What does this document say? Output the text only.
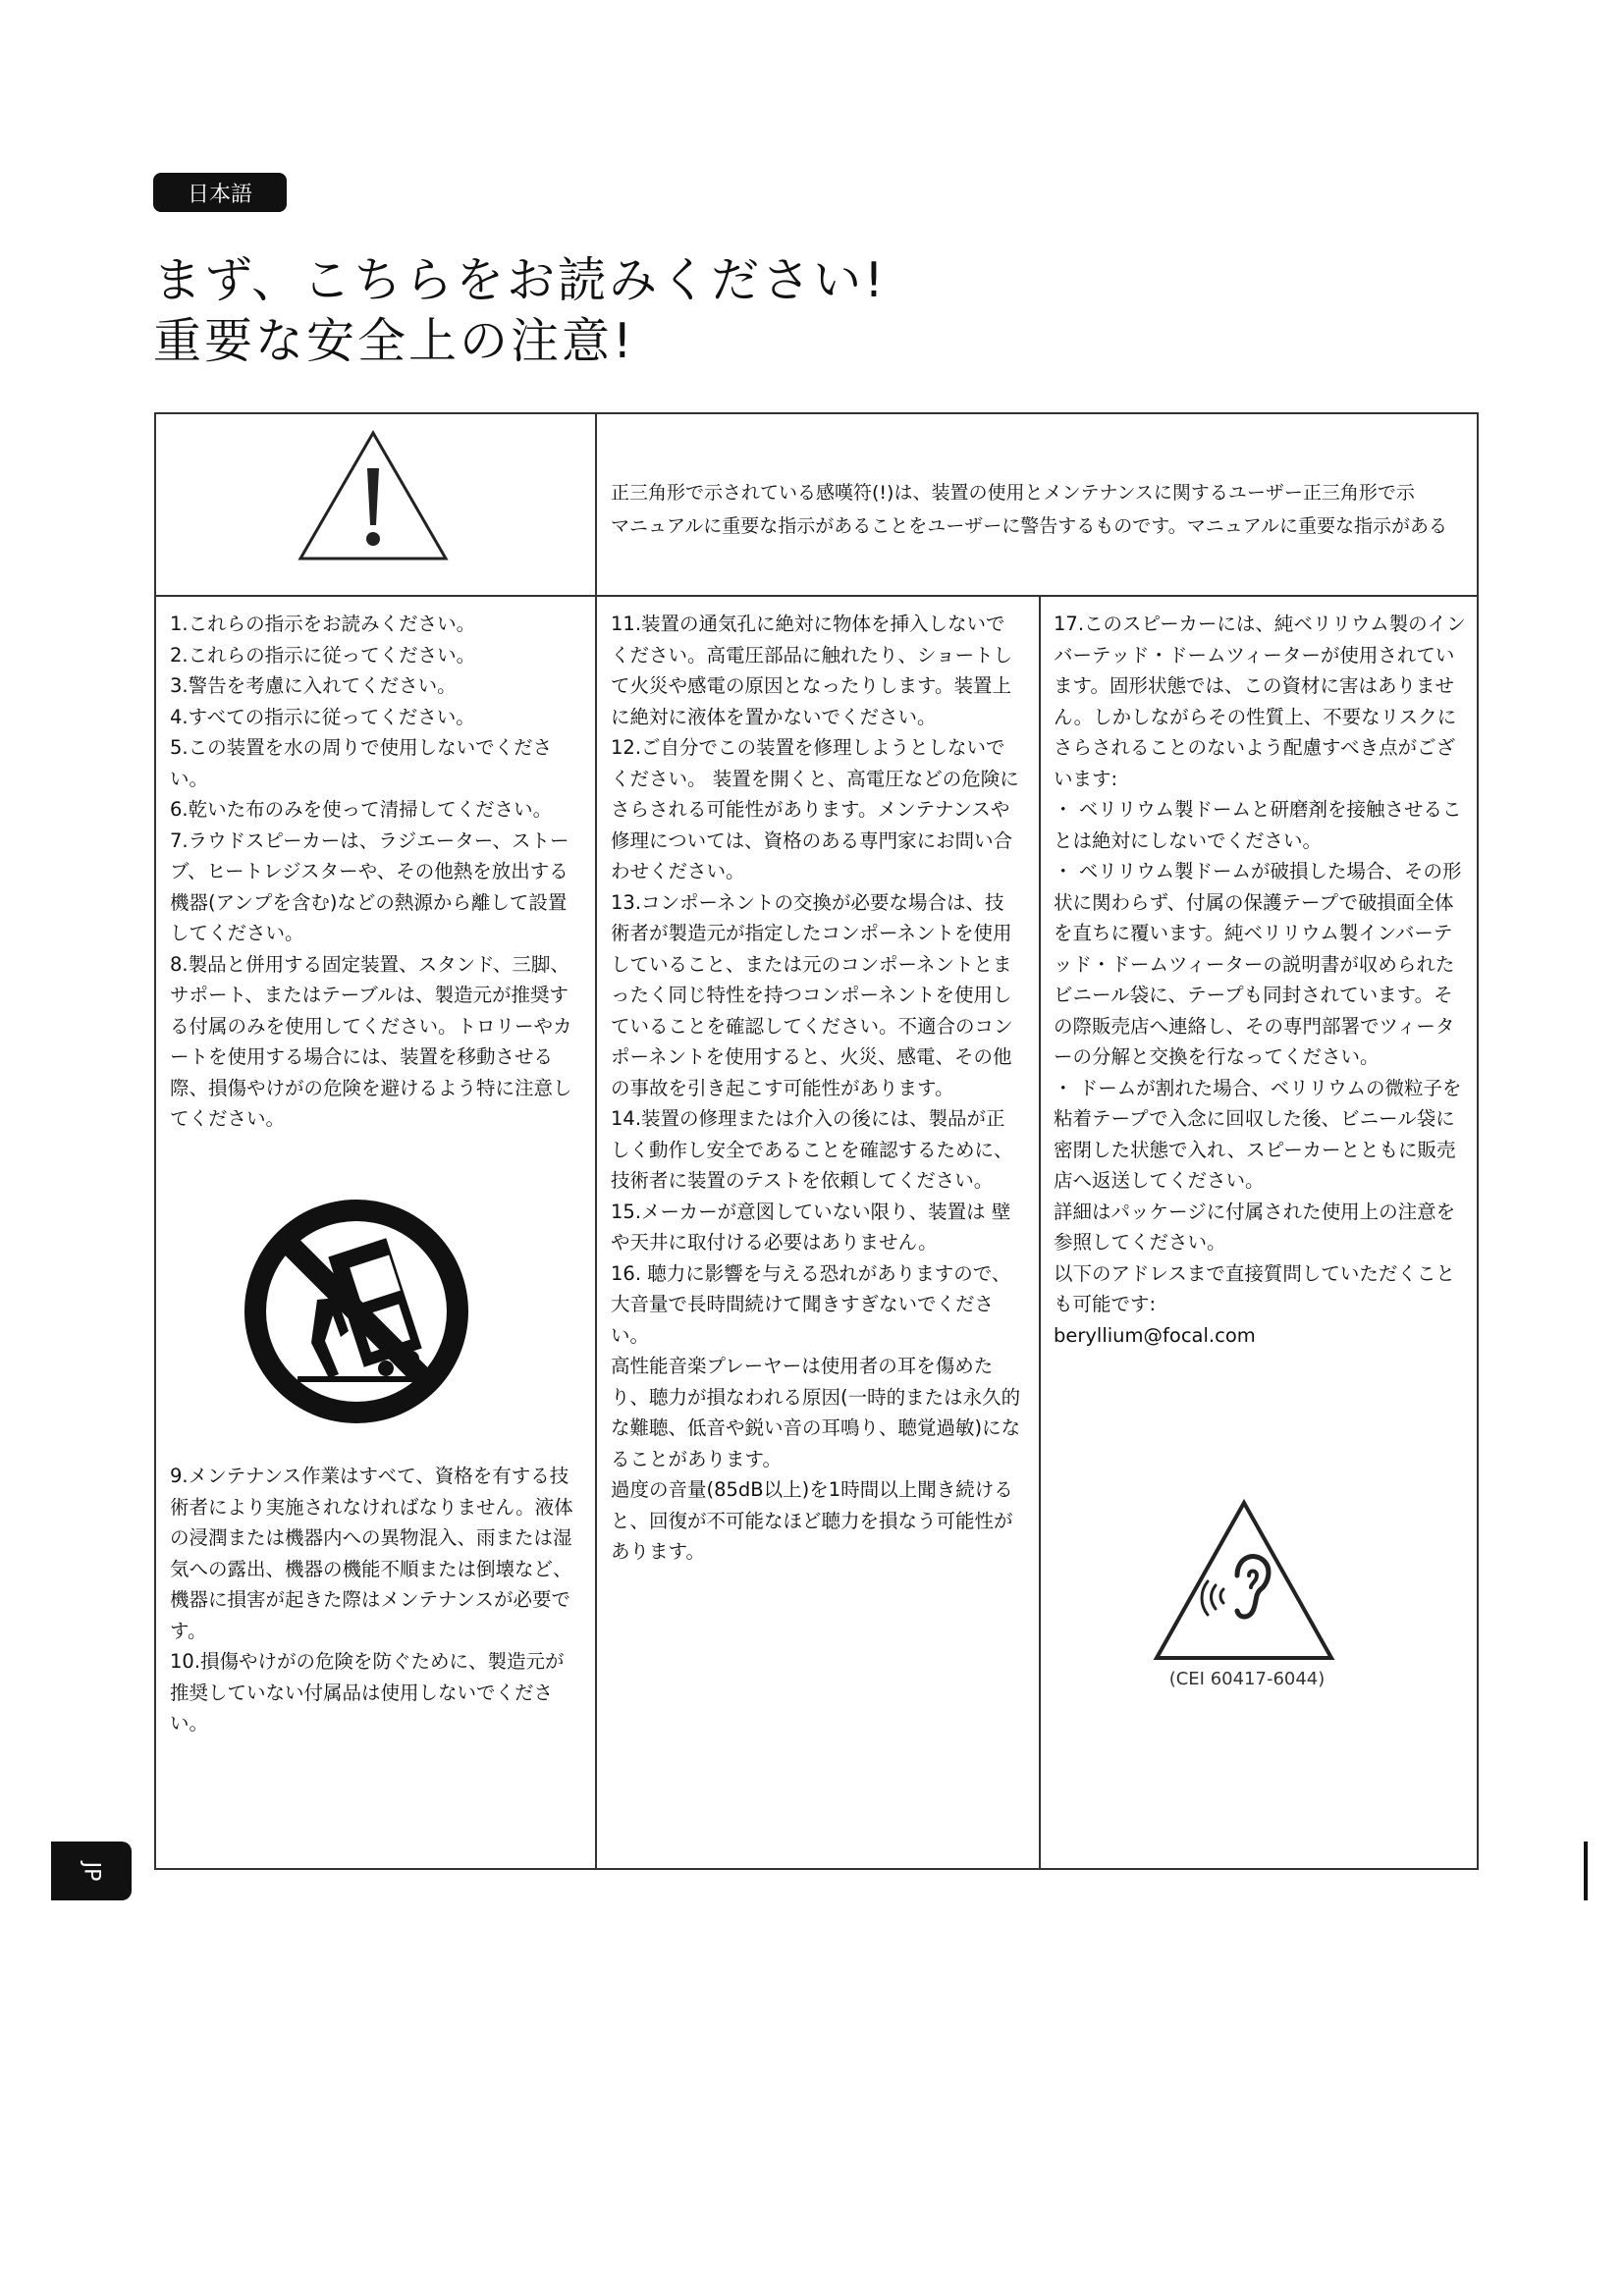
日本語
まず、こちらをお読みください!
重要な安全上の注意!
正三角形で示されている感嘆符(!)は、装置の使用とメンテナンスに関するユーザー正三角形で示
マニュアルに重要な指示があることをユーザーに警告するものです。マニュアルに重要な指示がある

1.これらの指示をお読みください。

2.これらの指示に従ってください。

3.警告を考慮に入れてください。

4.すべての指示に従ってください。

5.この装置を水の周りで使用しないでください。

6.乾いた布のみを使って清掃してください。

7.ラウドスピーカーは、ラジエーター、ストーブ、ヒートレジスターや、その他熱を放出する機器(アンプを含む)などの熱源から離して設置してください。

8.製品と併用する固定装置、スタンド、三脚、サポート、またはテーブルは、製造元が推奨する付属のみを使用してください。トロリーやカートを使用する場合には、装置を移動させる際、損傷やけがの危険を避けるよう特に注意してください。

9.メンテナンス作業はすべて、資格を有する技術者により実施されなければなりません。液体の浸潤または機器内への異物混入、雨または湿気への露出、機器の機能不順または倒壊など、機器に損害が起きた際はメンテナンスが必要です。

10.損傷やけがの危険を防ぐために、製造元が推奨していない付属品は使用しないでください。

11.装置の通気孔に絶対に物体を挿入しないでください。高電圧部品に触れたり、ショートして火災や感電の原因となったりします。装置上に絶対に液体を置かないでください。

12.ご自分でこの装置を修理しようとしないでください。 装置を開くと、高電圧などの危険にさらされる可能性があります。メンテナンスや修理については、資格のある専門家にお問い合わせください。

13.コンポーネントの交換が必要な場合は、技術者が製造元が指定したコンポーネントを使用していること、または元のコンポーネントとまったく同じ特性を持つコンポーネントを使用していることを確認してください。不適合のコンポーネントを使用すると、火災、感電、その他の事故を引き起こす可能性があります。

14.装置の修理または介入の後には、製品が正しく動作し安全であることを確認するために、技術者に装置のテストを依頼してください。

15.メーカーが意図していない限り、装置は 壁や天井に取付ける必要はありません。

16. 聴力に影響を与える恐れがありますので、大音量で長時間続けて聞きすぎないでください。

高性能音楽プレーヤーは使用者の耳を傷めたり、聴力が損なわれる原因(一時的または永久的な難聴、低音や鋭い音の耳鳴り、聴覚過敏)になることがあります。

過度の音量(85dB以上)を1時間以上聞き続けると、回復が不可能なほど聴力を損なう可能性があります。

17.このスピーカーには、純ベリリウム製のインバーテッド・ドームツィーターが使用されています。固形状態では、この資材に害はありません。しかしながらその性質上、不要なリスクにさらされることのないよう配慮すべき点がございます:

・ ベリリウム製ドームと研磨剤を接触させることは絶対にしないでください。

・ ベリリウム製ドームが破損した場合、その形状に関わらず、付属の保護テープで破損面全体を直ちに覆います。純ベリリウム製インバーテッド・ドームツィーターの説明書が収められたビニール袋に、テープも同封されています。その際販売店へ連絡し、その専門部署でツィーターの分解と交換を行なってください。

・ ドームが割れた場合、ベリリウムの微粒子を粘着テープで入念に回収した後、ビニール袋に密閉した状態で入れ、スピーカーとともに販売店へ返送してください。

詳細はパッケージに付属された使用上の注意を参照してください。

以下のアドレスまで直接質問していただくことも可能です:

beryllium@focal.com

(CEI 60417-6044)
JP
